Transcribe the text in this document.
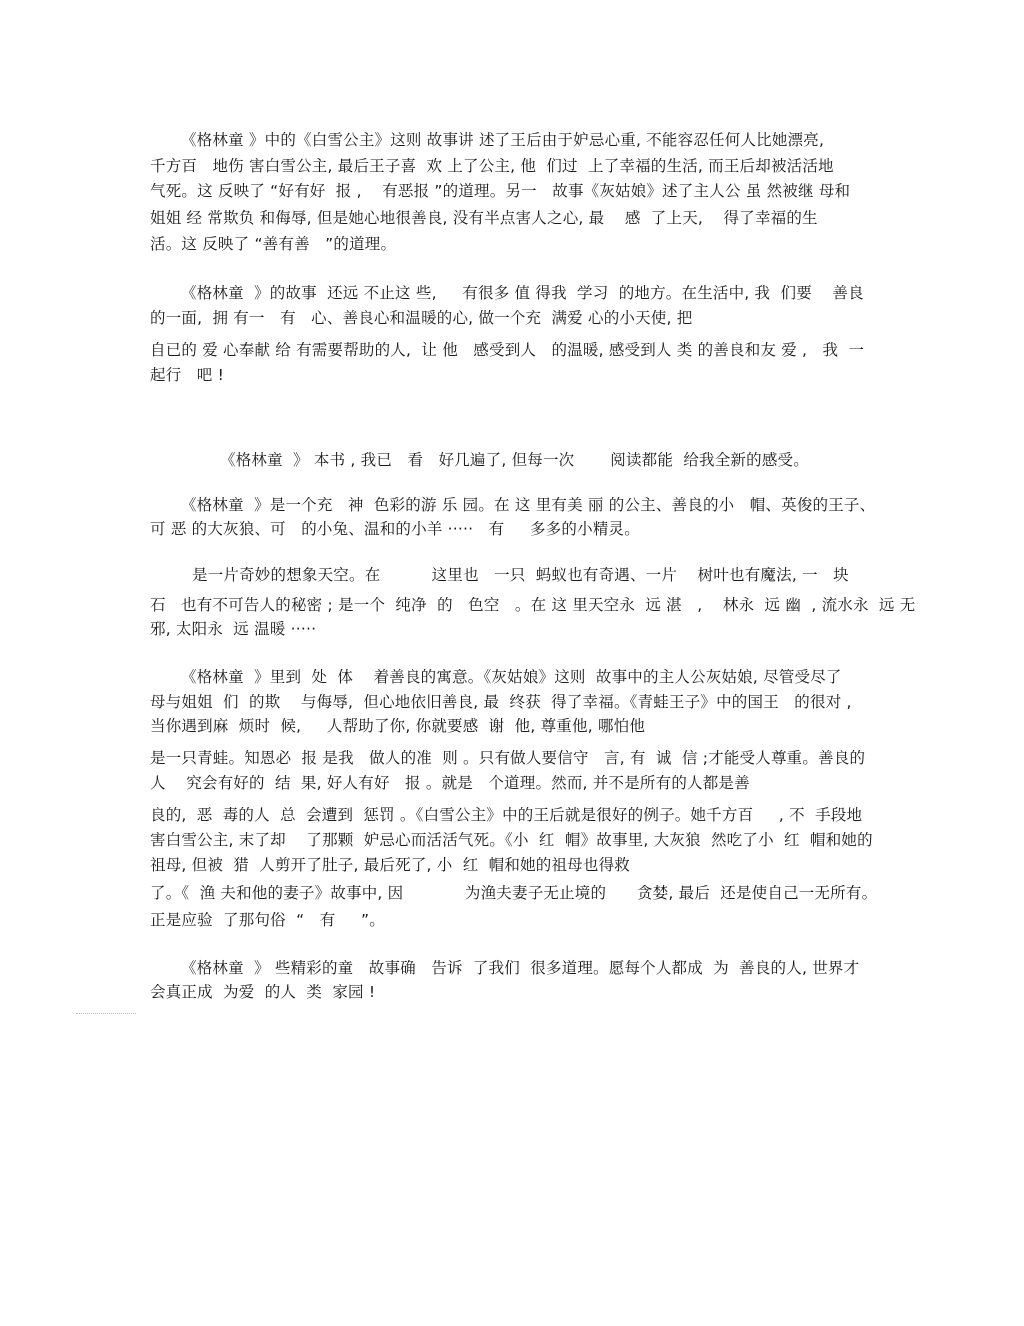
《格林童 》中的《白雪公主》这则 故事讲 述了王后由于妒忌心重, 不能容忍任何人比她漂亮,
千方百   地伤 害白雪公主, 最后王子喜  欢 上了公主, 他  们过  上了幸福的生活, 而王后却被活活地
气死。这 反映了 “好有好  报 ,    有恶报 ”的道理。另一   故事《灰姑娘》述了主人公 虽 然被继 母和
姐姐 经 常欺负 和侮辱, 但是她心地很善良, 没有半点害人之心, 最    感  了上天,    得了幸福的生
活。这 反映了 “善有善   ”的道理。
《格林童  》的故事  还远 不止这 些,     有很多 值 得我  学习  的地方。在生活中, 我  们要    善良
的一面,  拥 有一   有   心、善良心和温暖的心, 做一个充  满爱 心的小天使, 把
自已的 爱 心奉献 给 有需要帮助的人,  让 他   感受到人   的温暖, 感受到人 类 的善良和友 爱 ,   我  一
起行   吧 !
《格林童  》 本书 , 我已   看   好几遍了, 但每一次       阅读都能  给我全新的感受。
《格林童  》是一个充   神  色彩的游 乐 园。在 这 里有美 丽 的公主、善良的小   帽、英俊的王子、
可 恶 的大灰狼、可   的小兔、温和的小羊 ·····   有     多多的小精灵。
是一片奇妙的想象天空。在          这里也   一只  蚂蚁也有奇遇、一片    树叶也有魔法, 一   块
石   也有不可告人的秘密 ; 是一个  纯净  的   色空   。在 这 里天空永  远 湛   ,    林永  远 幽  , 流水永  远 无
邪, 太阳永  远 温暖 ·····
《格林童  》里到  处  体    着善良的寓意。《灰姑娘》这则  故事中的主人公灰姑娘, 尽管受尽了
母与姐姐  们  的欺    与侮辱,  但心地依旧善良, 最  终获  得了幸福。《青蛙王子》中的国王   的很对 ,
当你遇到麻  烦时  候,     人帮助了你, 你就要感  谢  他, 尊重他, 哪怕他
是一只青蛙。知恩必  报 是我   做人的准  则 。只有做人要信守   言, 有  诚  信 ;才能受人尊重。善良的
人    究会有好的  结  果, 好人有好   报 。就是   个道理。然而, 并不是所有的人都是善
良的,  恶  毒的人  总  会遭到  惩罚 。《白雪公主》中的王后就是很好的例子。她千方百     , 不  手段地
害白雪公主, 末了却    了那颗  妒忌心而活活气死。《小  红  帽》故事里, 大灰狼  然吃了小  红  帽和她的
祖母, 但被  猎  人剪开了肚子, 最后死了, 小  红  帽和她的祖母也得救
了。《  渔 夫和他的妻子》故事中, 因            为渔夫妻子无止境的      贪婪, 最后  还是使自己一无所有。
正是应验  了那句俗  “   有     ”。
《格林童  》 些精彩的童   故事确   告诉  了我们  很多道理。愿每个人都成  为  善良的人, 世界才
会真正成  为爱  的人  类  家园 !
